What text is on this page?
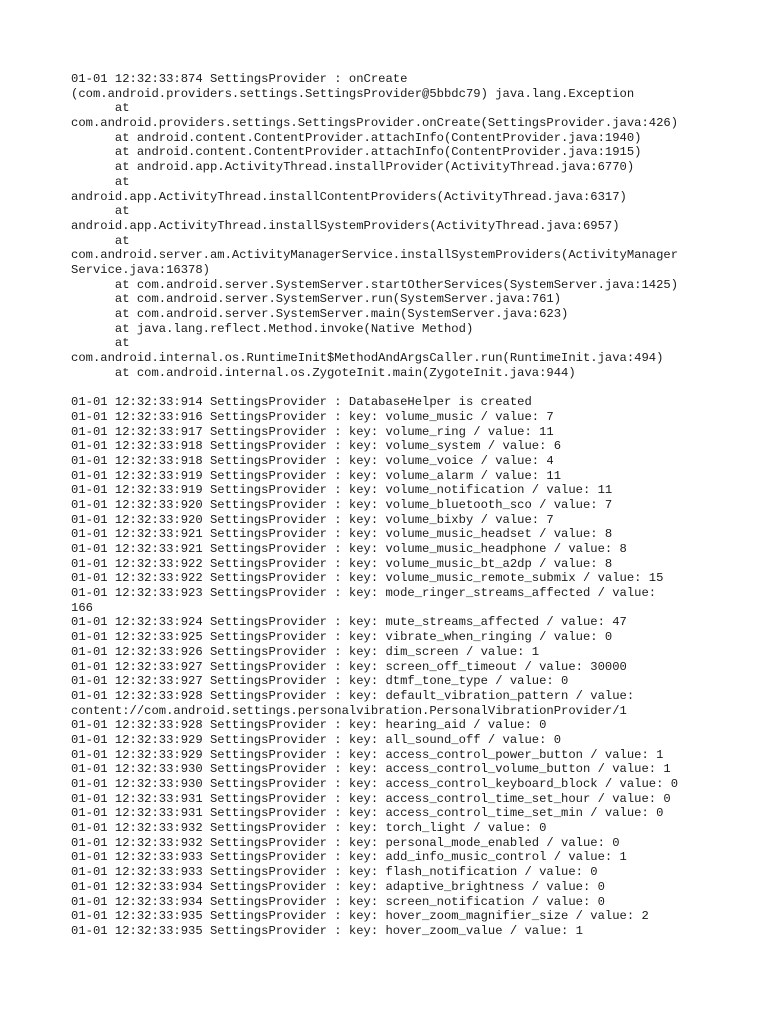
01-01 12:32:33:874 SettingsProvider : onCreate
(com.android.providers.settings.SettingsProvider@5bbdc79) java.lang.Exception
at
com.android.providers.settings.SettingsProvider.onCreate(SettingsProvider.java:426)
at android.content.ContentProvider.attachInfo(ContentProvider.java:1940)
at android.content.ContentProvider.attachInfo(ContentProvider.java:1915)
at android.app.ActivityThread.installProvider(ActivityThread.java:6770)
at
android.app.ActivityThread.installContentProviders(ActivityThread.java:6317)
at
android.app.ActivityThread.installSystemProviders(ActivityThread.java:6957)
at
com.android.server.am.ActivityManagerService.installSystemProviders(ActivityManager
Service.java:16378)
at com.android.server.SystemServer.startOtherServices(SystemServer.java:1425)
at com.android.server.SystemServer.run(SystemServer.java:761)
at com.android.server.SystemServer.main(SystemServer.java:623)
at java.lang.reflect.Method.invoke(Native Method)
at
com.android.internal.os.RuntimeInit$MethodAndArgsCaller.run(RuntimeInit.java:494)
at com.android.internal.os.ZygoteInit.main(ZygoteInit.java:944)
01-01 12:32:33:914 SettingsProvider : DatabaseHelper is created
01-01 12:32:33:916 SettingsProvider : key: volume_music / value: 7
01-01 12:32:33:917 SettingsProvider : key: volume_ring / value: 11
01-01 12:32:33:918 SettingsProvider : key: volume_system / value: 6
01-01 12:32:33:918 SettingsProvider : key: volume_voice / value: 4
01-01 12:32:33:919 SettingsProvider : key: volume_alarm / value: 11
01-01 12:32:33:919 SettingsProvider : key: volume_notification / value: 11
01-01 12:32:33:920 SettingsProvider : key: volume_bluetooth_sco / value: 7
01-01 12:32:33:920 SettingsProvider : key: volume_bixby / value: 7
01-01 12:32:33:921 SettingsProvider : key: volume_music_headset / value: 8
01-01 12:32:33:921 SettingsProvider : key: volume_music_headphone / value: 8
01-01 12:32:33:922 SettingsProvider : key: volume_music_bt_a2dp / value: 8
01-01 12:32:33:922 SettingsProvider : key: volume_music_remote_submix / value: 15
01-01 12:32:33:923 SettingsProvider : key: mode_ringer_streams_affected / value:
166
01-01 12:32:33:924 SettingsProvider : key: mute_streams_affected / value: 47
01-01 12:32:33:925 SettingsProvider : key: vibrate_when_ringing / value: 0
01-01 12:32:33:926 SettingsProvider : key: dim_screen / value: 1
01-01 12:32:33:927 SettingsProvider : key: screen_off_timeout / value: 30000
01-01 12:32:33:927 SettingsProvider : key: dtmf_tone_type / value: 0
01-01 12:32:33:928 SettingsProvider : key: default_vibration_pattern / value:
content://com.android.settings.personalvibration.PersonalVibrationProvider/1
01-01 12:32:33:928 SettingsProvider : key: hearing_aid / value: 0
01-01 12:32:33:929 SettingsProvider : key: all_sound_off / value: 0
01-01 12:32:33:929 SettingsProvider : key: access_control_power_button / value: 1
01-01 12:32:33:930 SettingsProvider : key: access_control_volume_button / value: 1
01-01 12:32:33:930 SettingsProvider : key: access_control_keyboard_block / value: 0
01-01 12:32:33:931 SettingsProvider : key: access_control_time_set_hour / value: 0
01-01 12:32:33:931 SettingsProvider : key: access_control_time_set_min / value: 0
01-01 12:32:33:932 SettingsProvider : key: torch_light / value: 0
01-01 12:32:33:932 SettingsProvider : key: personal_mode_enabled / value: 0
01-01 12:32:33:933 SettingsProvider : key: add_info_music_control / value: 1
01-01 12:32:33:933 SettingsProvider : key: flash_notification / value: 0
01-01 12:32:33:934 SettingsProvider : key: adaptive_brightness / value: 0
01-01 12:32:33:934 SettingsProvider : key: screen_notification / value: 0
01-01 12:32:33:935 SettingsProvider : key: hover_zoom_magnifier_size / value: 2
01-01 12:32:33:935 SettingsProvider : key: hover_zoom_value / value: 1
